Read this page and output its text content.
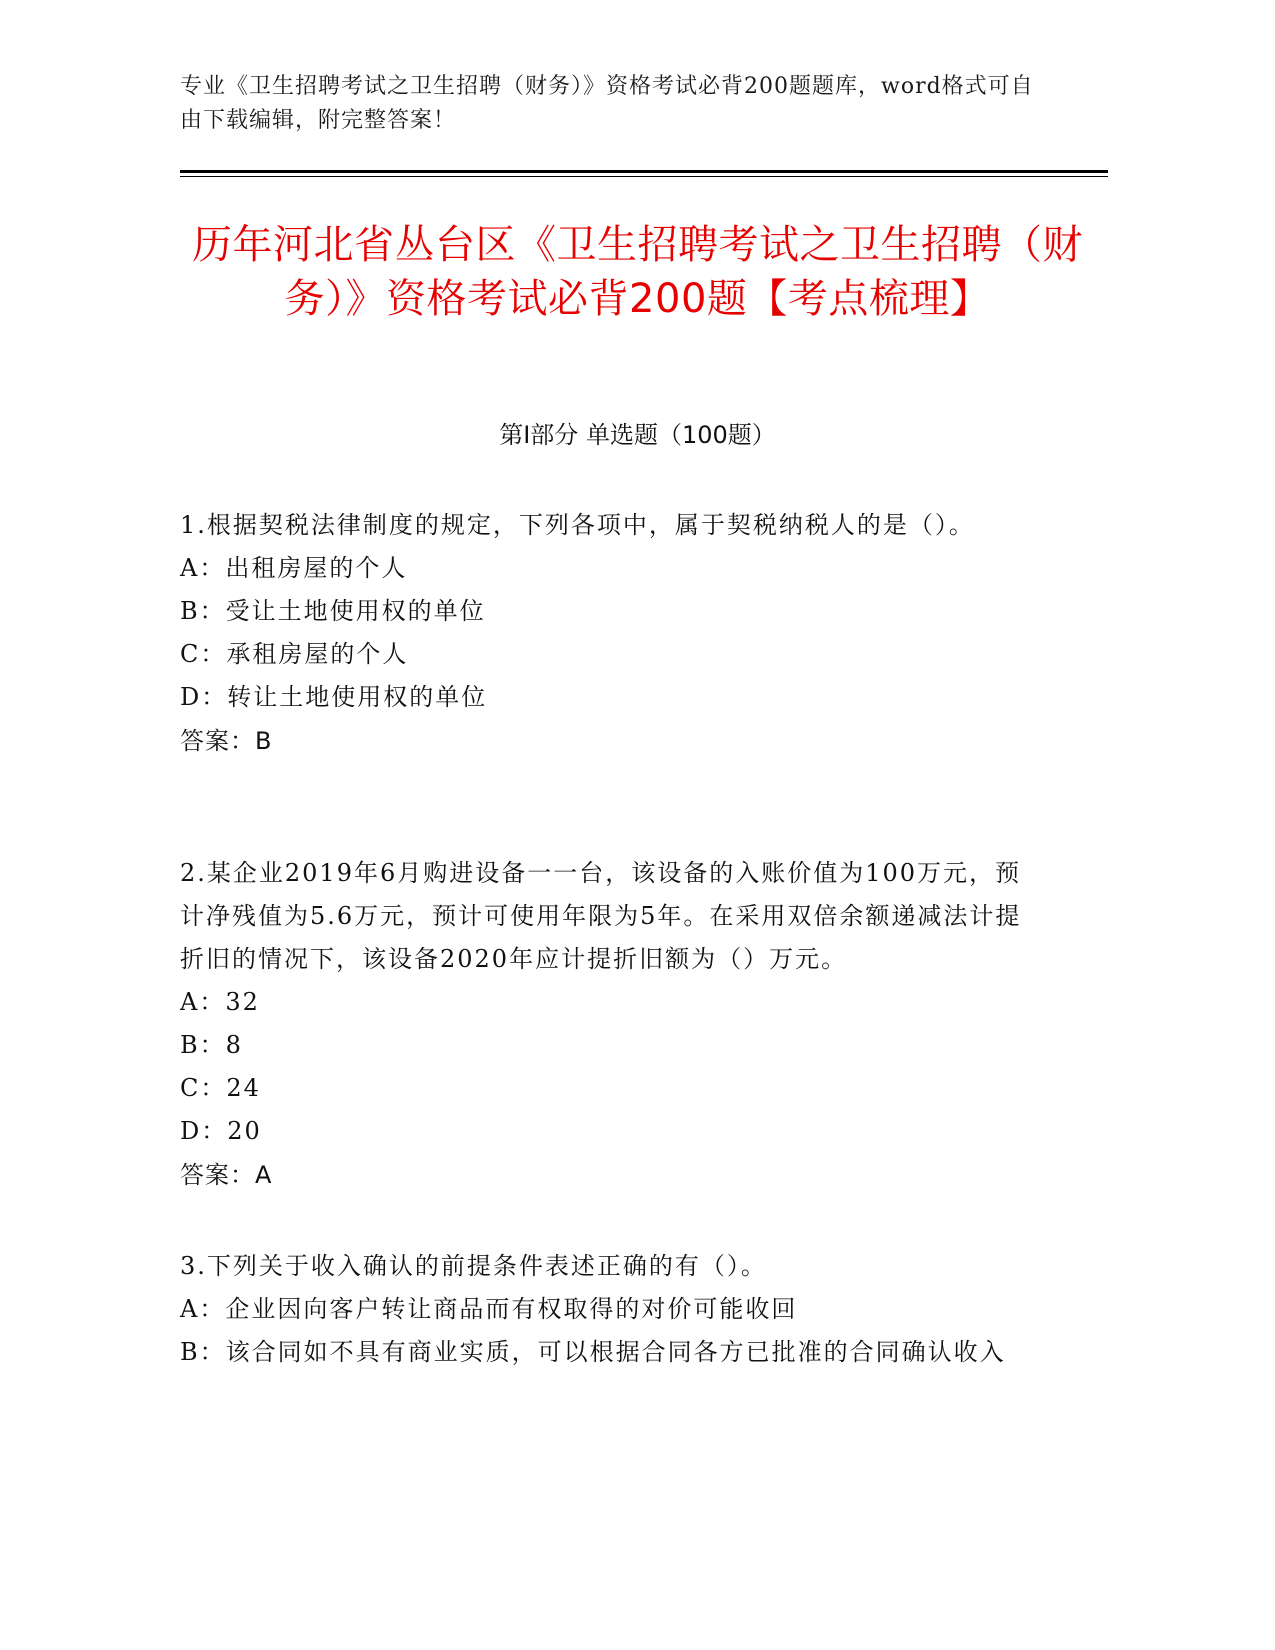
专业《卫生招聘考试之卫生招聘（财务）》资格考试必背200题题库，word格式可自由下载编辑，附完整答案！
历年河北省丛台区《卫生招聘考试之卫生招聘（财务）》资格考试必背200题【考点梳理】
第Ⅰ部分 单选题（100题）
1.根据契税法律制度的规定，下列各项中，属于契税纳税人的是（）。
A：出租房屋的个人
B：受让土地使用权的单位
C：承租房屋的个人
D：转让土地使用权的单位
答案：B
2.某企业2019年6月购进设备一一台，该设备的入账价值为100万元，预计净残值为5.6万元，预计可使用年限为5年。在采用双倍余额递减法计提折旧的情况下，该设备2020年应计提折旧额为（）万元。
A：32
B：8
C：24
D：20
答案：A
3.下列关于收入确认的前提条件表述正确的有（）。
A：企业因向客户转让商品而有权取得的对价可能收回
B：该合同如不具有商业实质，可以根据合同各方已批准的合同确认收入
